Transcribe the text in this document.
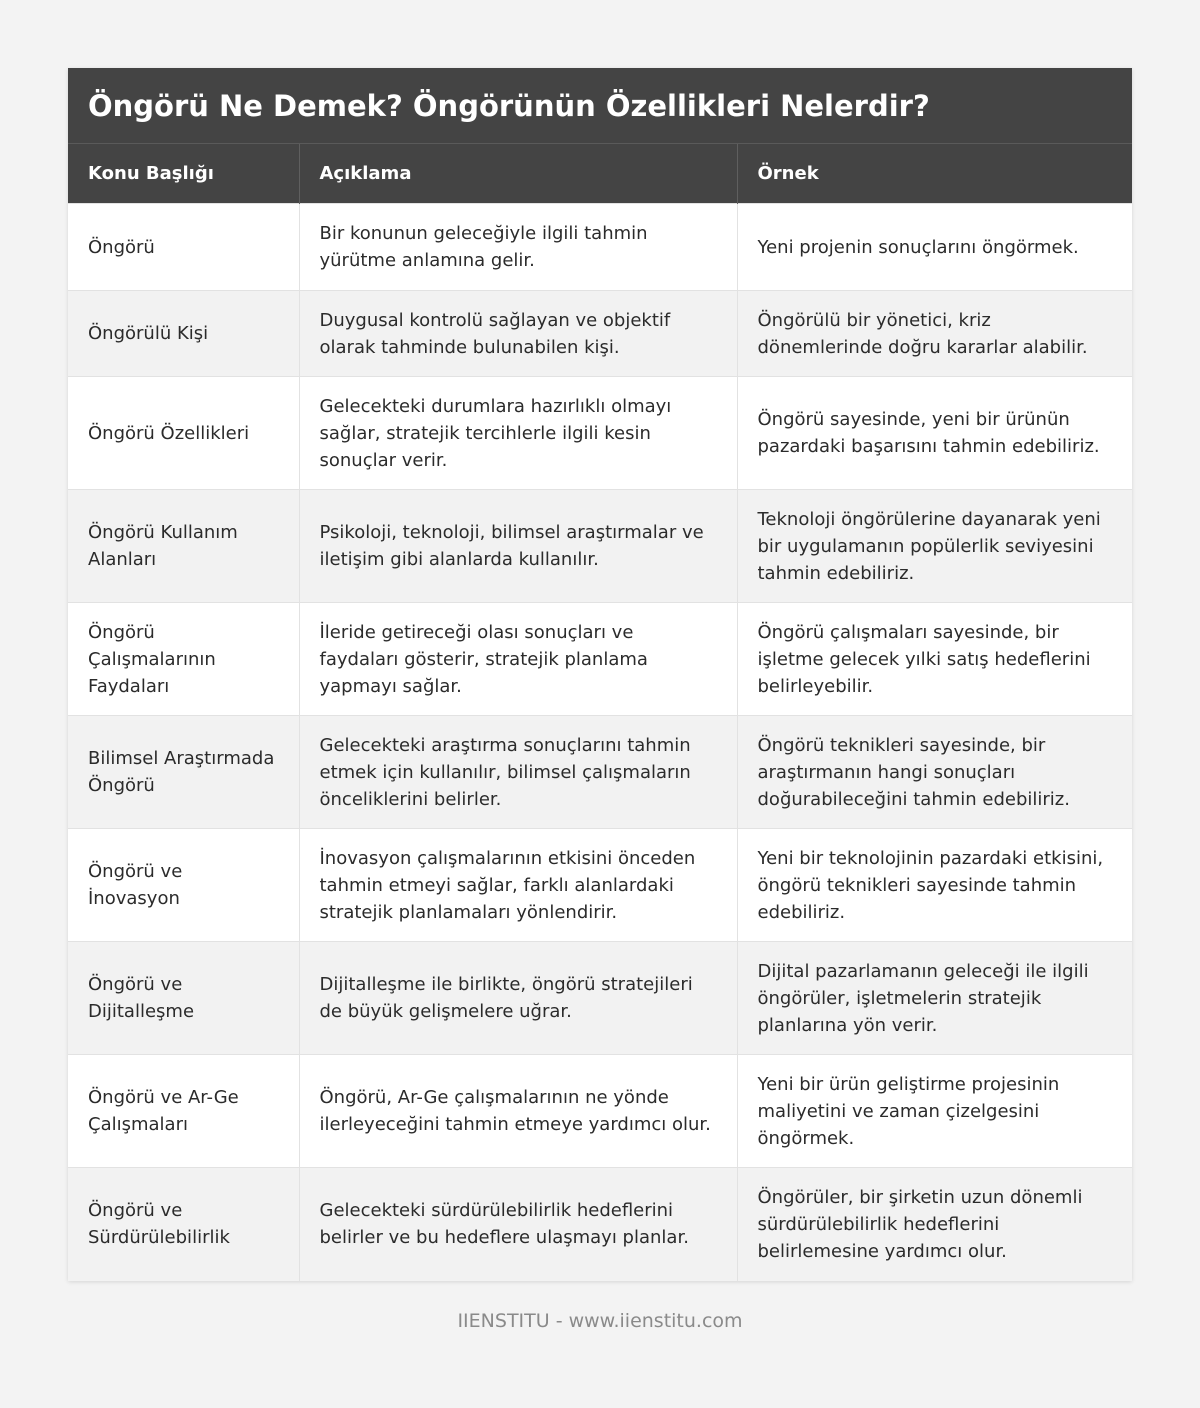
Öngörü Ne Demek? Öngörünün Özellikleri Nelerdir?
Konu Başlığı	Açıklama	Örnek
Öngörü	Bir konunun geleceğiyle ilgili tahmin yürütme anlamına gelir.	Yeni projenin sonuçlarını öngörmek.
Öngörülü Kişi	Duygusal kontrolü sağlayan ve objektif olarak tahminde bulunabilen kişi.	Öngörülü bir yönetici, kriz dönemlerinde doğru kararlar alabilir.
Öngörü Özellikleri	Gelecekteki durumlara hazırlıklı olmayı sağlar, stratejik tercihlerle ilgili kesin sonuçlar verir.	Öngörü sayesinde, yeni bir ürünün pazardaki başarısını tahmin edebiliriz.
Öngörü Kullanım Alanları	Psikoloji, teknoloji, bilimsel araştırmalar ve iletişim gibi alanlarda kullanılır.	Teknoloji öngörülerine dayanarak yeni bir uygulamanın popülerlik seviyesini tahmin edebiliriz.
Öngörü Çalışmalarının Faydaları	İleride getireceği olası sonuçları ve faydaları gösterir, stratejik planlama yapmayı sağlar.	Öngörü çalışmaları sayesinde, bir işletme gelecek yılki satış hedeflerini belirleyebilir.
Bilimsel Araştırmada Öngörü	Gelecekteki araştırma sonuçlarını tahmin etmek için kullanılır, bilimsel çalışmaların önceliklerini belirler.	Öngörü teknikleri sayesinde, bir araştırmanın hangi sonuçları doğurabileceğini tahmin edebiliriz.
Öngörü ve İnovasyon	İnovasyon çalışmalarının etkisini önceden tahmin etmeyi sağlar, farklı alanlardaki stratejik planlamaları yönlendirir.	Yeni bir teknolojinin pazardaki etkisini, öngörü teknikleri sayesinde tahmin edebiliriz.
Öngörü ve Dijitalleşme	Dijitalleşme ile birlikte, öngörü stratejileri de büyük gelişmelere uğrar.	Dijital pazarlamanın geleceği ile ilgili öngörüler, işletmelerin stratejik planlarına yön verir.
Öngörü ve Ar-Ge Çalışmaları	Öngörü, Ar-Ge çalışmalarının ne yönde ilerleyeceğini tahmin etmeye yardımcı olur.	Yeni bir ürün geliştirme projesinin maliyetini ve zaman çizelgesini öngörmek.
Öngörü ve Sürdürülebilirlik	Gelecekteki sürdürülebilirlik hedeflerini belirler ve bu hedeflere ulaşmayı planlar.	Öngörüler, bir şirketin uzun dönemli sürdürülebilirlik hedeflerini belirlemesine yardımcı olur.
IIENSTITU - www.iienstitu.com
